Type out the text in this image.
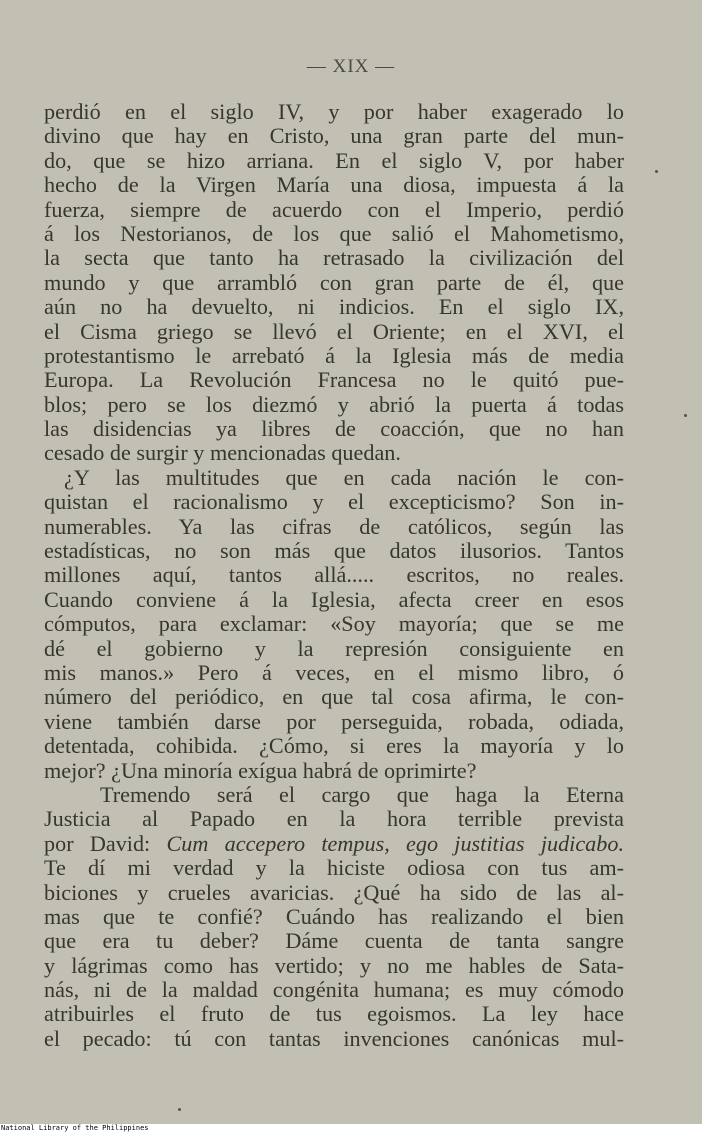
— XIX —
perdió en el siglo IV, y por haber exagerado lo
divino que hay en Cristo, una gran parte del mun-
do, que se hizo arriana. En el siglo V, por haber
hecho de la Virgen María una diosa, impuesta á la
fuerza, siempre de acuerdo con el Imperio, perdió
á los Nestorianos, de los que salió el Mahometismo,
la secta que tanto ha retrasado la civilización del
mundo y que arrambló con gran parte de él, que
aún no ha devuelto, ni indicios. En el siglo IX,
el Cisma griego se llevó el Oriente; en el XVI, el
protestantismo le arrebató á la Iglesia más de media
Europa. La Revolución Francesa no le quitó pue-
blos; pero se los diezmó y abrió la puerta á todas
las disidencias ya libres de coacción, que no han
cesado de surgir y mencionadas quedan.
¿Y las multitudes que en cada nación le con-
quistan el racionalismo y el excepticismo? Son in-
numerables. Ya las cifras de católicos, según las
estadísticas, no son más que datos ilusorios. Tantos
millones aquí, tantos allá..... escritos, no reales.
Cuando conviene á la Iglesia, afecta creer en esos
cómputos, para exclamar: «Soy mayoría; que se me
dé el gobierno y la represión consiguiente en
mis manos.» Pero á veces, en el mismo libro, ó
número del periódico, en que tal cosa afirma, le con-
viene también darse por perseguida, robada, odiada,
detentada, cohibida. ¿Cómo, si eres la mayoría y lo
mejor? ¿Una minoría exígua habrá de oprimirte?
Tremendo será el cargo que haga la Eterna
Justicia al Papado en la hora terrible prevista
por David: Cum accepero tempus, ego justitias judicabo.
Te dí mi verdad y la hiciste odiosa con tus am-
biciones y crueles avaricias. ¿Qué ha sido de las al-
mas que te confié? Cuándo has realizando el bien
que era tu deber? Dáme cuenta de tanta sangre
y lágrimas como has vertido; y no me hables de Sata-
nás, ni de la maldad congénita humana; es muy cómodo
atribuirles el fruto de tus egoismos. La ley hace
el pecado: tú con tantas invenciones canónicas mul-
National Library of the Philippines
